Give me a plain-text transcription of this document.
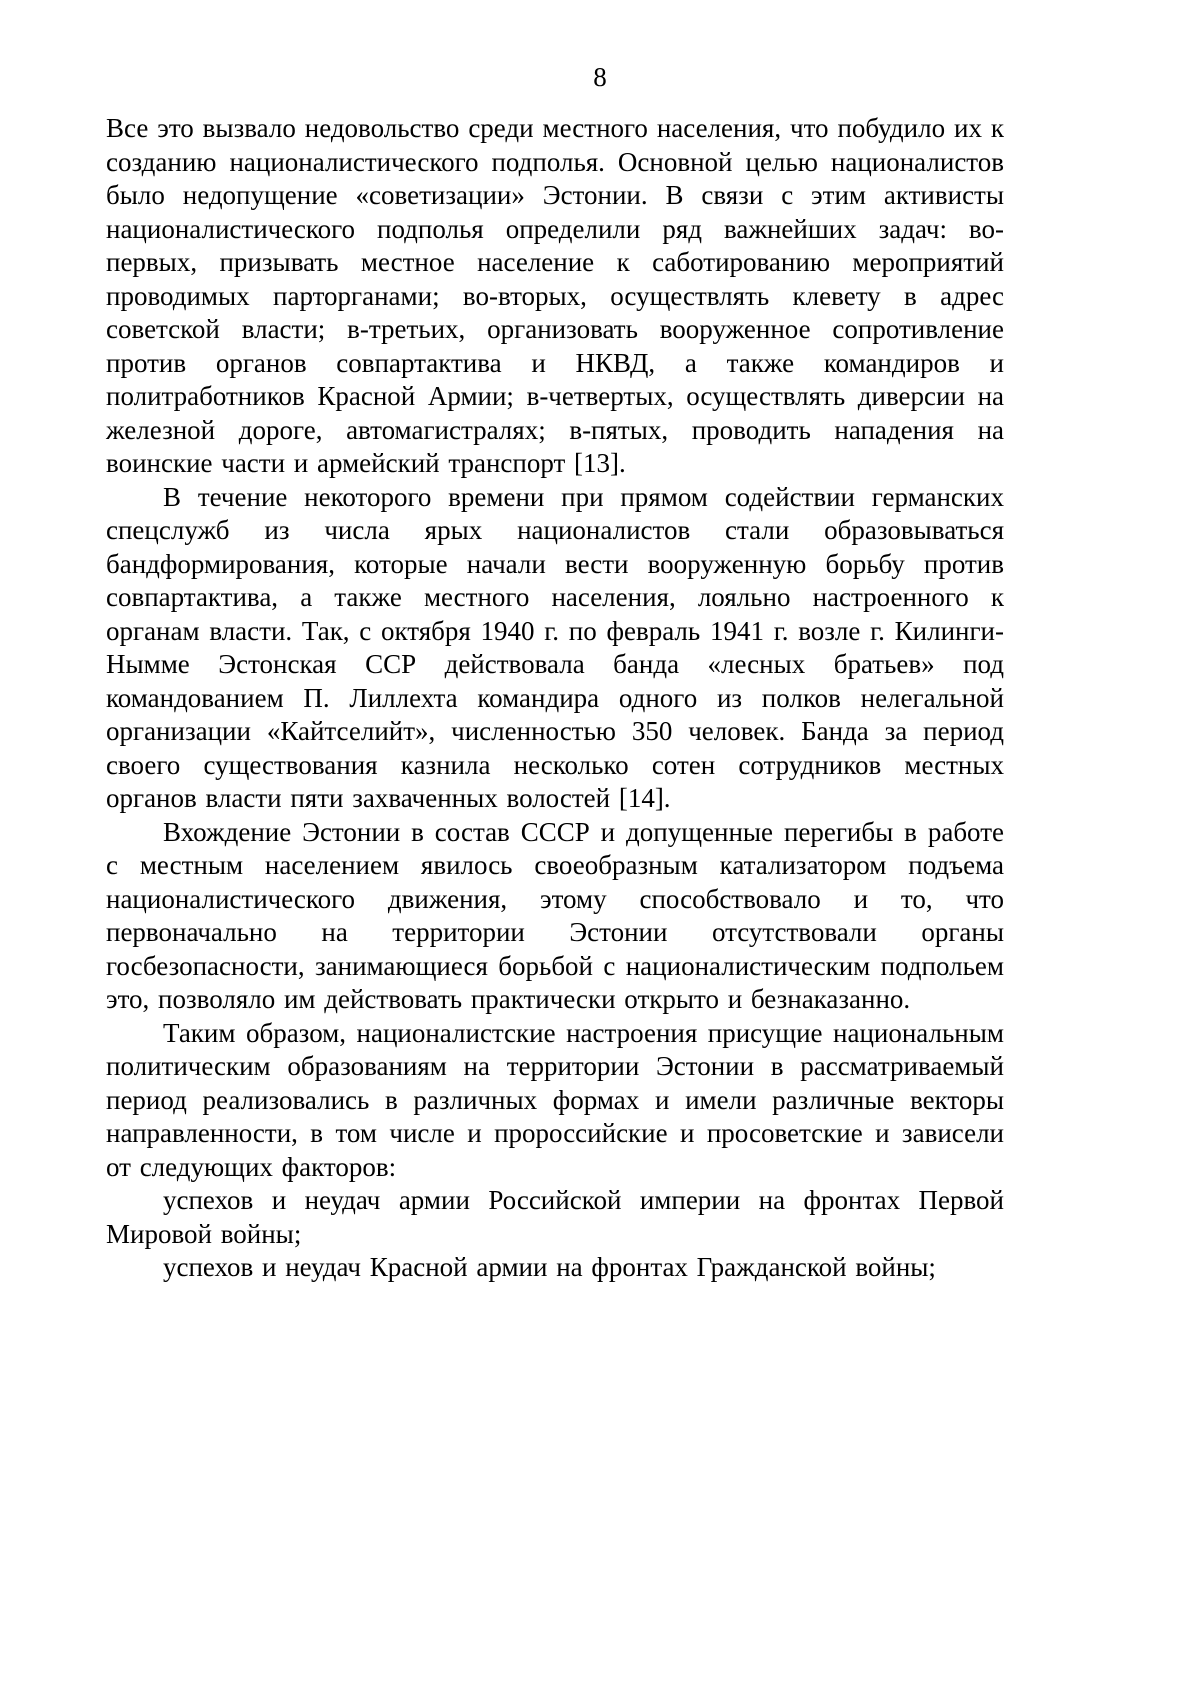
8

Все это вызвало недовольство среди местного населения, что побудило их к созданию националистического подполья. Основной целью националистов было недопущение «советизации» Эстонии. В связи с этим активисты националистического подполья определили ряд важнейших задач: во-первых, призывать местное население к саботированию мероприятий проводимых парторганами; во-вторых, осуществлять клевету в адрес советской власти; в-третьих, организовать вооруженное сопротивление против органов совпартактива и НКВД, а также командиров и политработников Красной Армии; в-четвертых, осуществлять диверсии на железной дороге, автомагистралях; в-пятых, проводить нападения на воинские части и армейский транспорт [13].

В течение некоторого времени при прямом содействии германских спецслужб из числа ярых националистов стали образовываться бандформирования, которые начали вести вооруженную борьбу против совпартактива, а также местного населения, лояльно настроенного к органам власти. Так, с октября 1940 г. по февраль 1941 г. возле г. Килинги-Нымме Эстонская ССР действовала банда «лесных братьев» под командованием П. Лиллехта командира одного из полков нелегальной организации «Кайтселийт», численностью 350 человек. Банда за период своего существования казнила несколько сотен сотрудников местных органов власти пяти захваченных волостей [14].

Вхождение Эстонии в состав СССР и допущенные перегибы в работе с местным населением явилось своеобразным катализатором подъема националистического движения, этому способствовало и то, что первоначально на территории Эстонии отсутствовали органы госбезопасности, занимающиеся борьбой с националистическим подпольем это, позволяло им действовать практически открыто и безнаказанно.

Таким образом, националистские настроения присущие национальным политическим образованиям на территории Эстонии в рассматриваемый период реализовались в различных формах и имели различные векторы направленности, в том числе и пророссийские и просоветские и зависели от следующих факторов:

успехов и неудач армии Российской империи на фронтах Первой Мировой войны;

успехов и неудач Красной армии на фронтах Гражданской войны;
